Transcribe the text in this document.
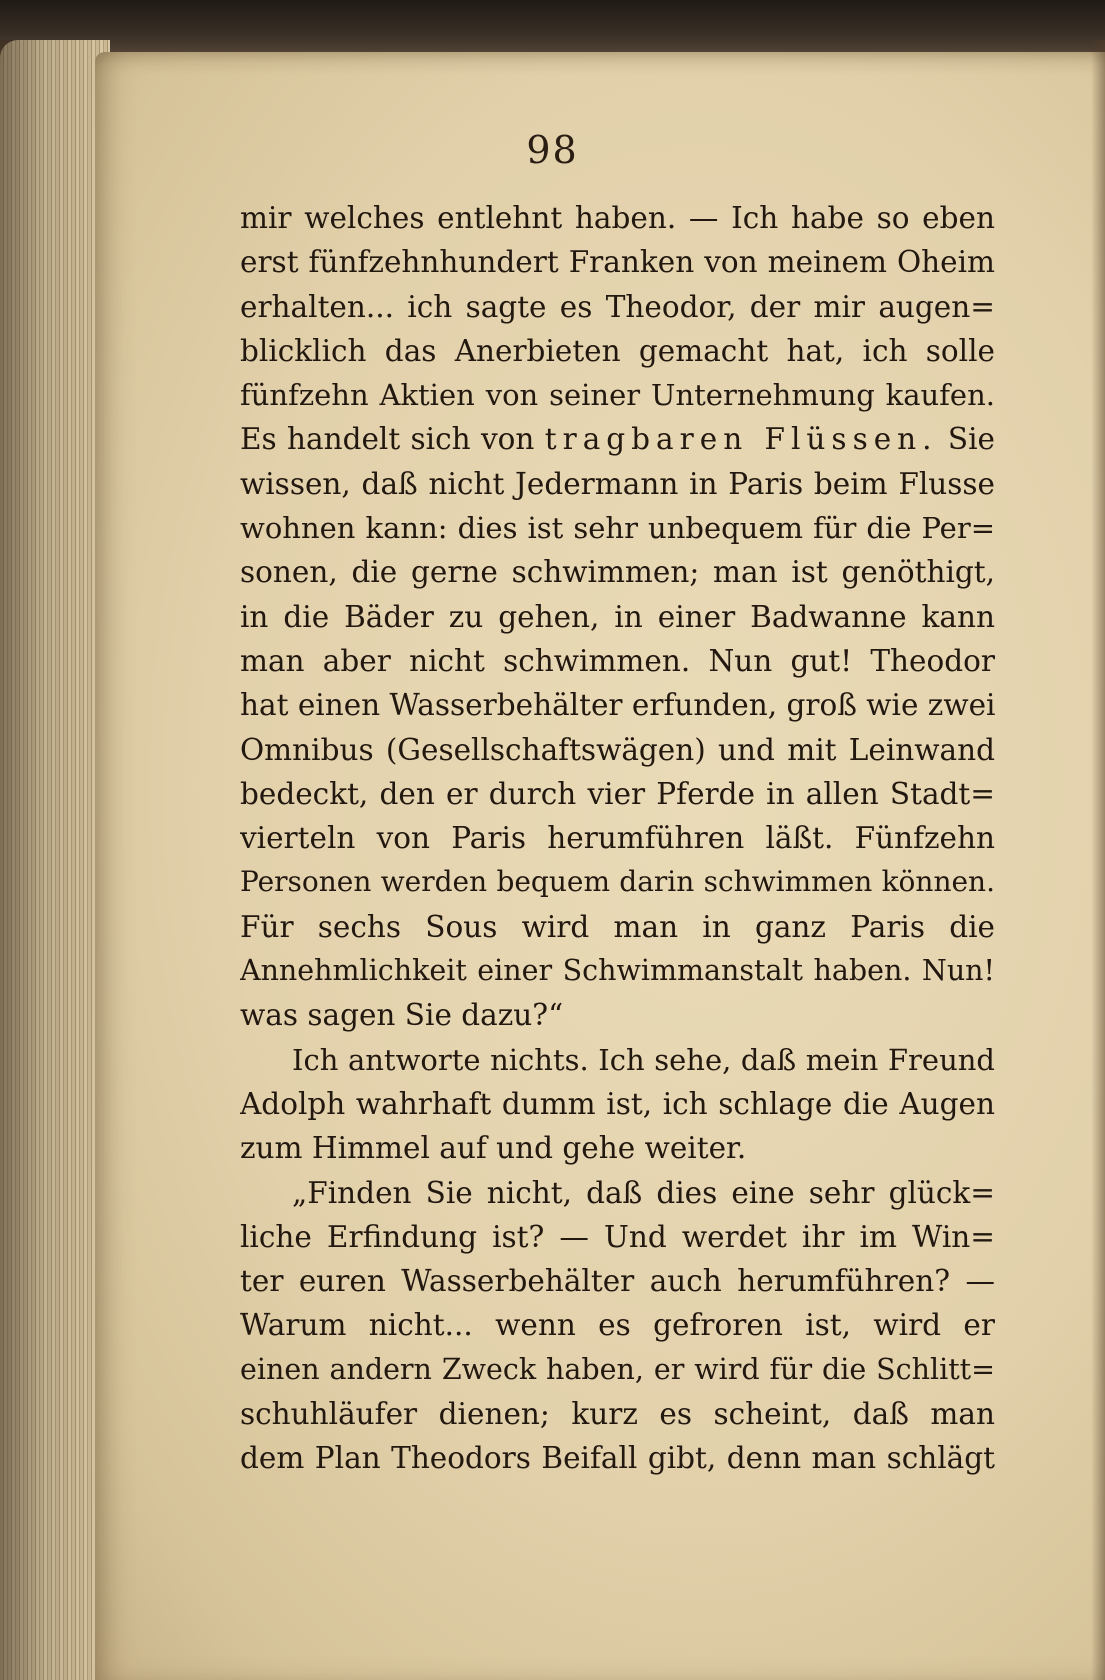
98
mir welches entlehnt haben. — Ich habe so eben
erst fünfzehnhundert Franken von meinem Oheim
erhalten... ich sagte es Theodor, der mir augen=
blicklich das Anerbieten gemacht hat, ich solle
fünfzehn Aktien von seiner Unternehmung kaufen.
Es handelt sich von tragbaren Flüssen. Sie
wissen, daß nicht Jedermann in Paris beim Flusse
wohnen kann: dies ist sehr unbequem für die Per=
sonen, die gerne schwimmen; man ist genöthigt,
in die Bäder zu gehen, in einer Badwanne kann
man aber nicht schwimmen. Nun gut! Theodor
hat einen Wasserbehälter erfunden, groß wie zwei
Omnibus (Gesellschaftswägen) und mit Leinwand
bedeckt, den er durch vier Pferde in allen Stadt=
vierteln von Paris herumführen läßt. Fünfzehn
Personen werden bequem darin schwimmen können.
Für sechs Sous wird man in ganz Paris die
Annehmlichkeit einer Schwimmanstalt haben. Nun!
was sagen Sie dazu?“
Ich antworte nichts. Ich sehe, daß mein Freund
Adolph wahrhaft dumm ist, ich schlage die Augen
zum Himmel auf und gehe weiter.
„Finden Sie nicht, daß dies eine sehr glück=
liche Erfindung ist? — Und werdet ihr im Win=
ter euren Wasserbehälter auch herumführen? —
Warum nicht... wenn es gefroren ist, wird er
einen andern Zweck haben, er wird für die Schlitt=
schuhläufer dienen; kurz es scheint, daß man
dem Plan Theodors Beifall gibt, denn man schlägt
